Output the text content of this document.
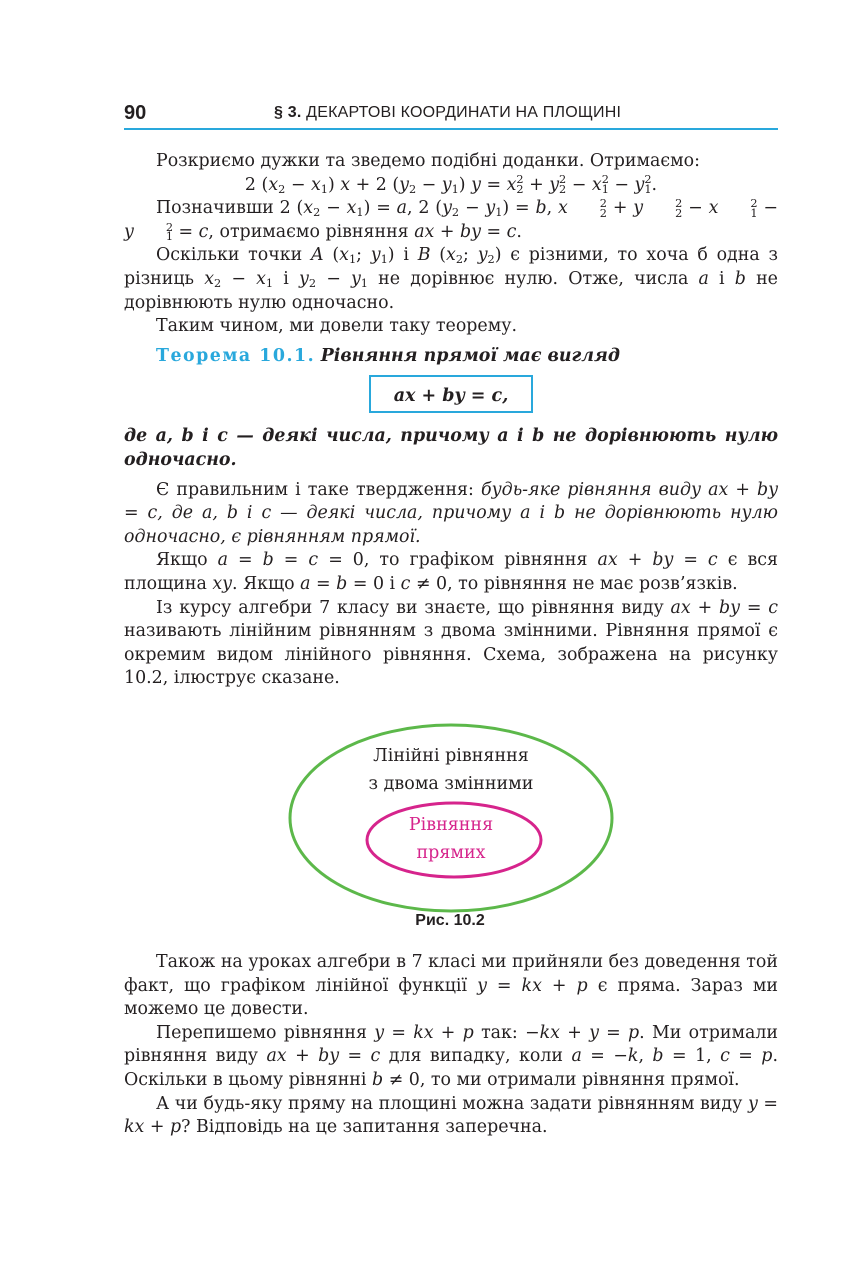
90	§ 3. ДЕКАРТОВІ КООРДИНАТИ НА ПЛОЩИНІ

Розкриємо дужки та зведемо подібні доданки. Отримаємо:

2 $(x_2 - x_1) x + 2$ $(y_2 - y_1) y = x$ 2
2 + y 2
2 − x 2
1 − y 2
1 .

Позначивши 2 $(x_2 - x_1) = a$, 2 $(y_2 - y_1) = b$, x	2
2 + y	2
2 − x	2
1 − y	2
1 = c, отримаємо рівняння ax + by = c.

Оскільки точки A ($x_1$; $y_1$) і B ($x_2$; $y_2$) є різними, то хоча б одна з різниць $x_2 - x_1$ і $y_2 - y_1$ не дорівнює нулю. Отже, числа a і b не дорівнюють нулю одночасно.

Таким чином, ми довели таку теорему.

Теорема 10.1. Рівняння прямої має вигляд

ax + by = c,

де a, b і c — деякі числа, причому a і b не дорівнюють нулю одночасно.

Є правильним і таке твердження: будь-яке рівняння виду ax + by = c, де a, b і c — деякі числа, причому a і b не дорівнюють нулю одночасно, є рівнянням прямої.

Якщо a = b = c = 0, то графіком рівняння ax + by = c є вся площина xy. Якщо a = b = 0 і c ≠ 0, то рівняння не має розв’язків.

Із курсу алгебри 7 класу ви знаєте, що рівняння виду ax + by = c називають лінійним рівнянням з двома змінними. Рівняння прямої є окремим видом лінійного рівняння. Схема, зображена на рисунку 10.2, ілюструє сказане.

Лінійні рівняння
з двома змінними
Рівняння
прямих
Рис. 10.2

Також на уроках алгебри в 7 класі ми прийняли без доведення той факт, що графіком лінійної функції y = kx + p є пряма. Зараз ми можемо це довести.

Перепишемо рівняння y = kx + p так: −kx + y = p. Ми отримали рівняння виду ax + by = c для випадку, коли a = −k, b = 1, c = p. Оскільки в цьому рівнянні b ≠ 0, то ми отримали рівняння прямої.

А чи будь-яку пряму на площині можна задати рівнянням виду y = kx + p? Відповідь на це запитання заперечна.
